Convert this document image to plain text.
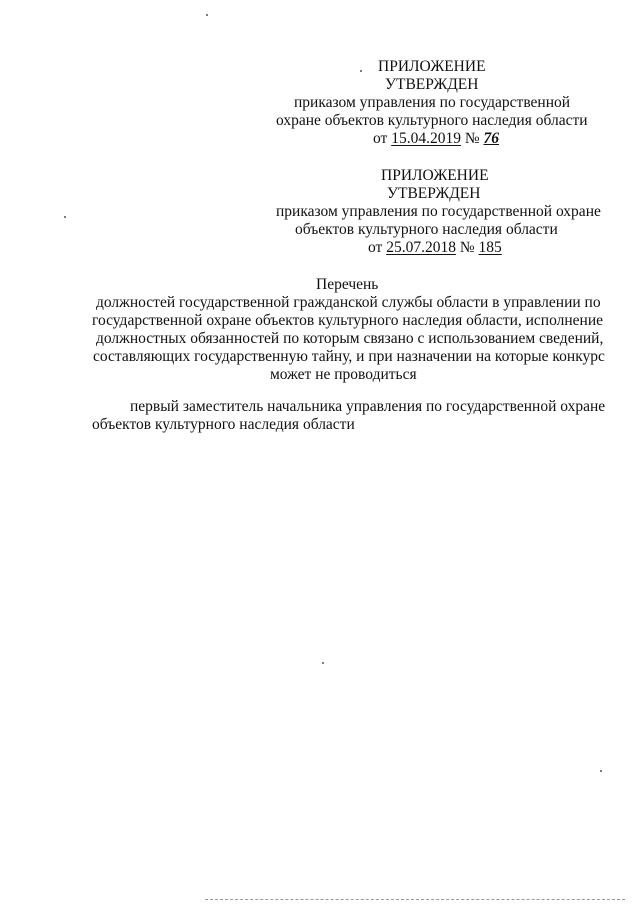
ПРИЛОЖЕНИЕ
УТВЕРЖДЕН
приказом управления по государственной
охране объектов культурного наследия области
от 15.04.2019 № 76
ПРИЛОЖЕНИЕ
УТВЕРЖДЕН
приказом управления по государственной охране
объектов культурного наследия области
от 25.07.2018 № 185
Перечень
должностей государственной гражданской службы области в управлении по
государственной охране объектов культурного наследия области, исполнение
должностных обязанностей по которым связано с использованием сведений,
составляющих государственную тайну, и при назначении на которые конкурс
может не проводиться
первый заместитель начальника управления по государственной охране
объектов культурного наследия области
